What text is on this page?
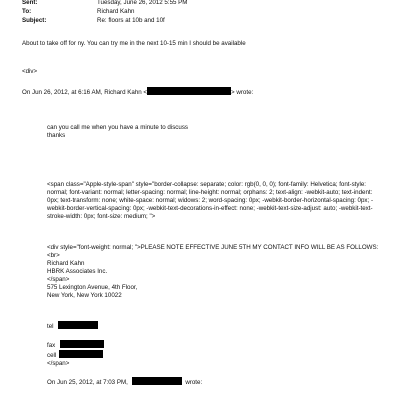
Sent:	Tuesday, June 26, 2012 5:55 PM
To:	Richard Kahn
Subject:	Re: floors at 10b and 10f
About to take off for ny. You can try me in the next 10-15 min I should be available
<div>
On Jun 26, 2012, at 6:16 AM, Richard Kahn <	> wrote:
can you call me when you have a minute to discuss
thanks
<span class="Apple-style-span" style="border-collapse: separate; color: rgb(0, 0, 0); font-family: Helvetica; font-style: normal; font-variant: normal; letter-spacing: normal; line-height: normal; orphans: 2; text-align: -webkit-auto; text-indent: 0px; text-transform: none; white-space: normal; widows: 2; word-spacing: 0px; -webkit-border-horizontal-spacing: 0px; -webkit-border-vertical-spacing: 0px; -webkit-text-decorations-in-effect: none; -webkit-text-size-adjust: auto; -webkit-text-stroke-width: 0px; font-size: medium; ">
<div style="font-weight: normal; ">PLEASE NOTE EFFECTIVE JUNE 5TH MY CONTACT INFO WILL BE AS FOLLOWS:
<br>
Richard Kahn
HBRK Associates Inc.
</span>
575 Lexington Avenue, 4th Floor,
New York, New York 10022
tel
fax
cell
</span>
On Jun 25, 2012, at 7:03 PM,	wrote:
